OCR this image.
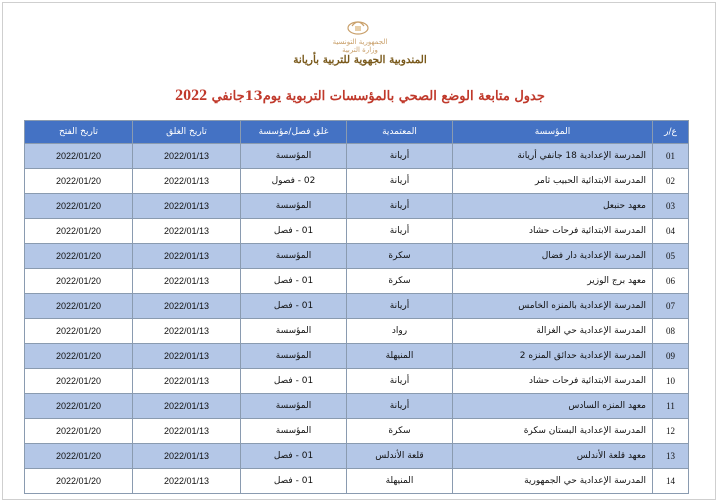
الجمهورية التونسية
وزارة التربية
المندوبية الجهوية للتربية بأريانة
جدول متابعة الوضع الصحي بالمؤسسات التربوية يوم13جانفي 2022
ع/ر	المؤسسة	المعتمدية	غلق فصل/مؤسسة	تاريخ الغلق	تاريخ الفتح
01	المدرسة الإعدادية 18 جانفي أريانة	أريانة	المؤسسة	2022/01/13	2022/01/20
02	المدرسة الابتدائية الحبيب ثامر	أريانة	02 - فصول	2022/01/13	2022/01/20
03	معهد حنبعل	أريانة	المؤسسة	2022/01/13	2022/01/20
04	المدرسة الابتدائية فرحات حشاد	أريانة	01 - فصل	2022/01/13	2022/01/20
05	المدرسة الإعدادية دار فضال	سكرة	المؤسسة	2022/01/13	2022/01/20
06	معهد برج الوزير	سكرة	01 - فصل	2022/01/13	2022/01/20
07	المدرسة الإعدادية بالمنزه الخامس	أريانة	01 - فصل	2022/01/13	2022/01/20
08	المدرسة الإعدادية حي الغزالة	رواد	المؤسسة	2022/01/13	2022/01/20
09	المدرسة الإعدادية حدائق المنزه 2	المنيهلة	المؤسسة	2022/01/13	2022/01/20
10	المدرسة الابتدائية فرحات حشاد	أريانة	01 - فصل	2022/01/13	2022/01/20
11	معهد المنزه السادس	أريانة	المؤسسة	2022/01/13	2022/01/20
12	المدرسة الإعدادية البستان سكرة	سكرة	المؤسسة	2022/01/13	2022/01/20
13	معهد قلعة الأندلس	قلعة الأندلس	01 - فصل	2022/01/13	2022/01/20
14	المدرسة الإعدادية حي الجمهورية	المنيهلة	01 - فصل	2022/01/13	2022/01/20
